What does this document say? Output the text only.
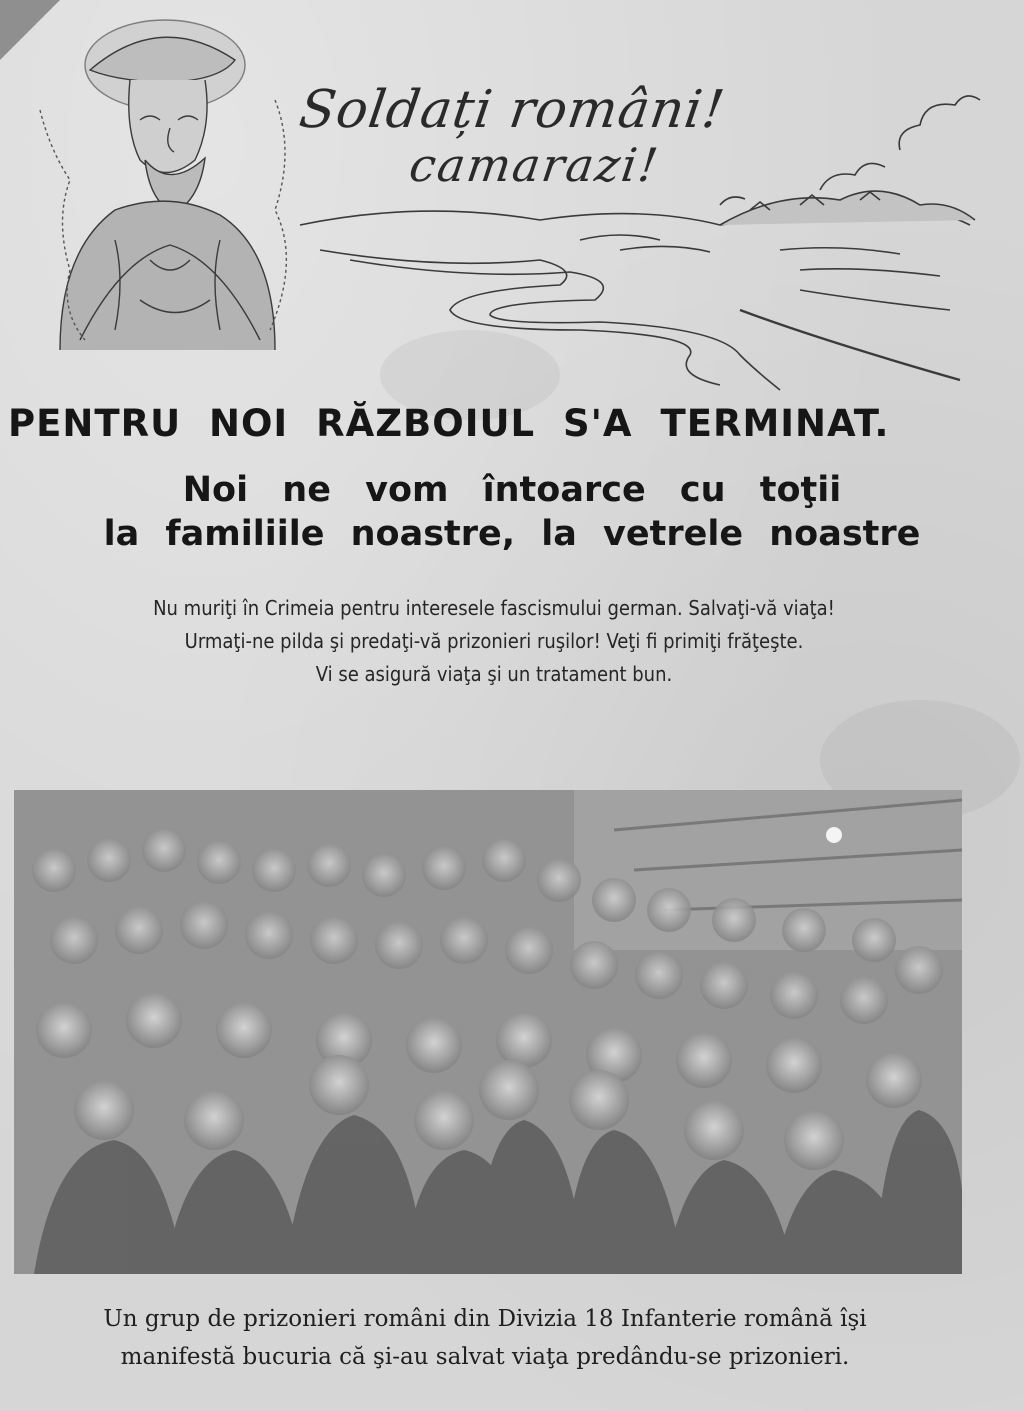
Soldați români!
camarazi!
PENTRU NOI RĂZBOIUL S'A TERMINAT.
Noi ne vom întoarce cu toţii
la familiile noastre, la vetrele noastre
Nu muriţi în Crimeia pentru interesele fascismului german. Salvaţi-vă viaţa!
Urmaţi-ne pilda şi predaţi-vă prizonieri ruşilor! Veţi fi primiţi frăţeşte.
Vi se asigură viaţa şi un tratament bun.
Un grup de prizonieri români din Divizia 18 Infanterie română îşi
manifestă bucuria că şi-au salvat viaţa predându-se prizonieri.
